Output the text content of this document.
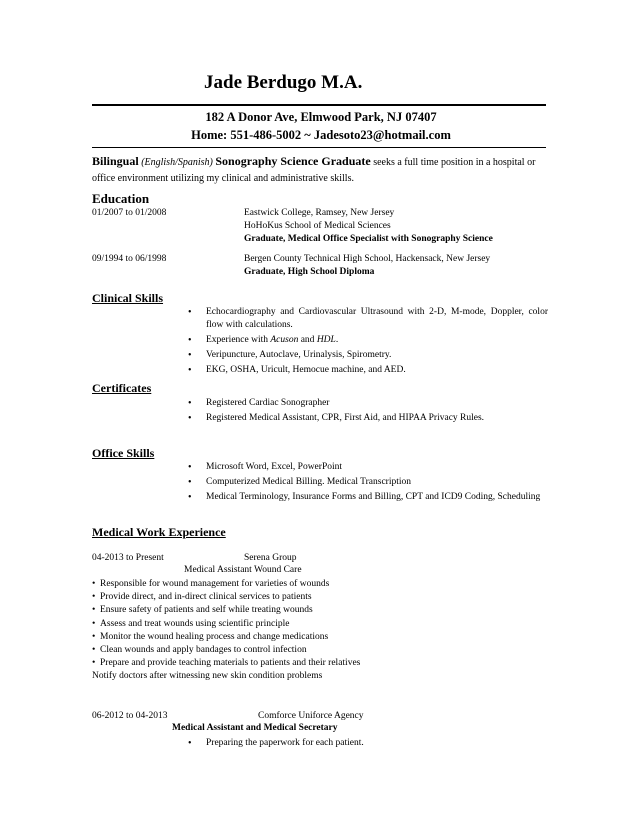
Jade Berdugo M.A.
182 A Donor Ave, Elmwood Park, NJ 07407
Home: 551-486-5002 ~ Jadesoto23@hotmail.com
Bilingual (English/Spanish) Sonography Science Graduate seeks a full time position in a hospital or office environment utilizing my clinical and administrative skills.
Education
01/2007 to 01/2008	Eastwick College, Ramsey, New Jersey
HoHoKus School of Medical Sciences
Graduate, Medical Office Specialist with Sonography Science
09/1994 to 06/1998	Bergen County Technical High School, Hackensack, New Jersey
Graduate, High School Diploma
Clinical Skills
• Echocardiography and Cardiovascular Ultrasound with 2-D, M-mode, Doppler, color flow with calculations.
• Experience with Acuson and HDL.
• Veripuncture, Autoclave, Urinalysis, Spirometry.
• EKG, OSHA, Uricult, Hemocue machine, and AED.
Certificates
• Registered Cardiac Sonographer
• Registered Medical Assistant, CPR, First Aid, and HIPAA Privacy Rules.
Office Skills
• Microsoft Word, Excel, PowerPoint
• Computerized Medical Billing. Medical Transcription
• Medical Terminology, Insurance Forms and Billing, CPT and ICD9 Coding, Scheduling
Medical Work Experience
04-2013 to Present	Serena Group
Medical Assistant Wound Care
• Responsible for wound management for varieties of wounds
• Provide direct, and in-direct clinical services to patients
• Ensure safety of patients and self while treating wounds
• Assess and treat wounds using scientific principle
• Monitor the wound healing process and change medications
• Clean wounds and apply bandages to control infection
• Prepare and provide teaching materials to patients and their relatives
Notify doctors after witnessing new skin condition problems
06-2012 to 04-2013	Comforce Uniforce Agency
Medical Assistant and Medical Secretary
• Preparing the paperwork for each patient.
